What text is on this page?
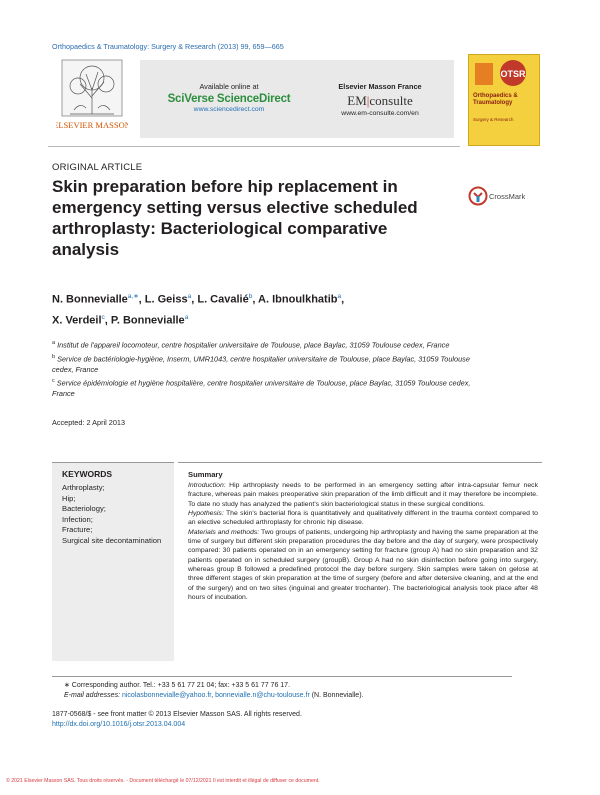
Orthopaedics & Traumatology: Surgery & Research (2013) 99, 659—665
ELSEVIER MASSON
Available online at
SciVerse ScienceDirect
www.sciencedirect.com
Elsevier Masson France
EM|consulte
www.em-consulte.com/en
OTSR
Orthopaedics & Traumatology
Surgery & Research
ORIGINAL ARTICLE
Skin preparation before hip replacement in emergency setting versus elective scheduled arthroplasty: Bacteriological comparative analysis
CrossMark
N. Bonnevialle$^{a,∗}$, L. Geiss$^a$, L. Cavalié$^b$, A. Ibnoulkhatib$^a$,
X. Verdeil$^c$, P. Bonnevialle$^a$

$^a$ Institut de l'appareil locomoteur, centre hospitalier universitaire de Toulouse, place Baylac, 31059 Toulouse cedex, France

$^b$ Service de bactériologie-hygiène, Inserm, UMR1043, centre hospitalier universitaire de Toulouse, place Baylac, 31059 Toulouse cedex, France

$^c$ Service épidémiologie et hygiène hospitalière, centre hospitalier universitaire de Toulouse, place Baylac, 31059 Toulouse cedex, France

Accepted: 2 April 2013
KEYWORDS
Arthroplasty;
Hip;
Bacteriology;
Infection;
Fracture;
Surgical site decontamination
Summary

Introduction: Hip arthroplasty needs to be performed in an emergency setting after intra-capsular femur neck fracture, whereas pain makes preoperative skin preparation of the limb difficult and it may therefore be incomplete. To date no study has analyzed the patient's skin bacteriological status in these surgical conditions.

Hypothesis: The skin's bacterial flora is quantitatively and qualitatively different in the trauma context compared to an elective scheduled arthroplasty for chronic hip disease.

Materials and methods: Two groups of patients, undergoing hip arthroplasty and having the same preparation at the time of surgery but different skin preparation procedures the day before and the day of surgery, were prospectively compared: 30 patients operated on in an emergency setting for fracture (group A) had no skin preparation and 32 patients operated on in scheduled surgery (groupB). Group A had no skin disinfection before going into surgery, whereas group B followed a predefined protocol the day before surgery. Skin samples were taken on gelose at three different stages of skin preparation at the time of surgery (before and after detersive cleaning, and at the end of the surgery) and on two sites (inguinal and greater trochanter). The bacteriological analysis took place after 48 hours of incubation.

∗ Corresponding author. Tel.: +33 5 61 77 21 04; fax: +33 5 61 77 76 17.
E-mail addresses: nicolasbonnevialle@yahoo.fr, bonnevialle.n@chu-toulouse.fr (N. Bonnevialle).
1877-0568/$ - see front matter © 2013 Elsevier Masson SAS. All rights reserved.
http://dx.doi.org/10.1016/j.otsr.2013.04.004
© 2021 Elsevier Masson SAS. Tous droits réservés. - Document téléchargé le 07/12/2021 Il est interdit et illégal de diffuser ce document.
